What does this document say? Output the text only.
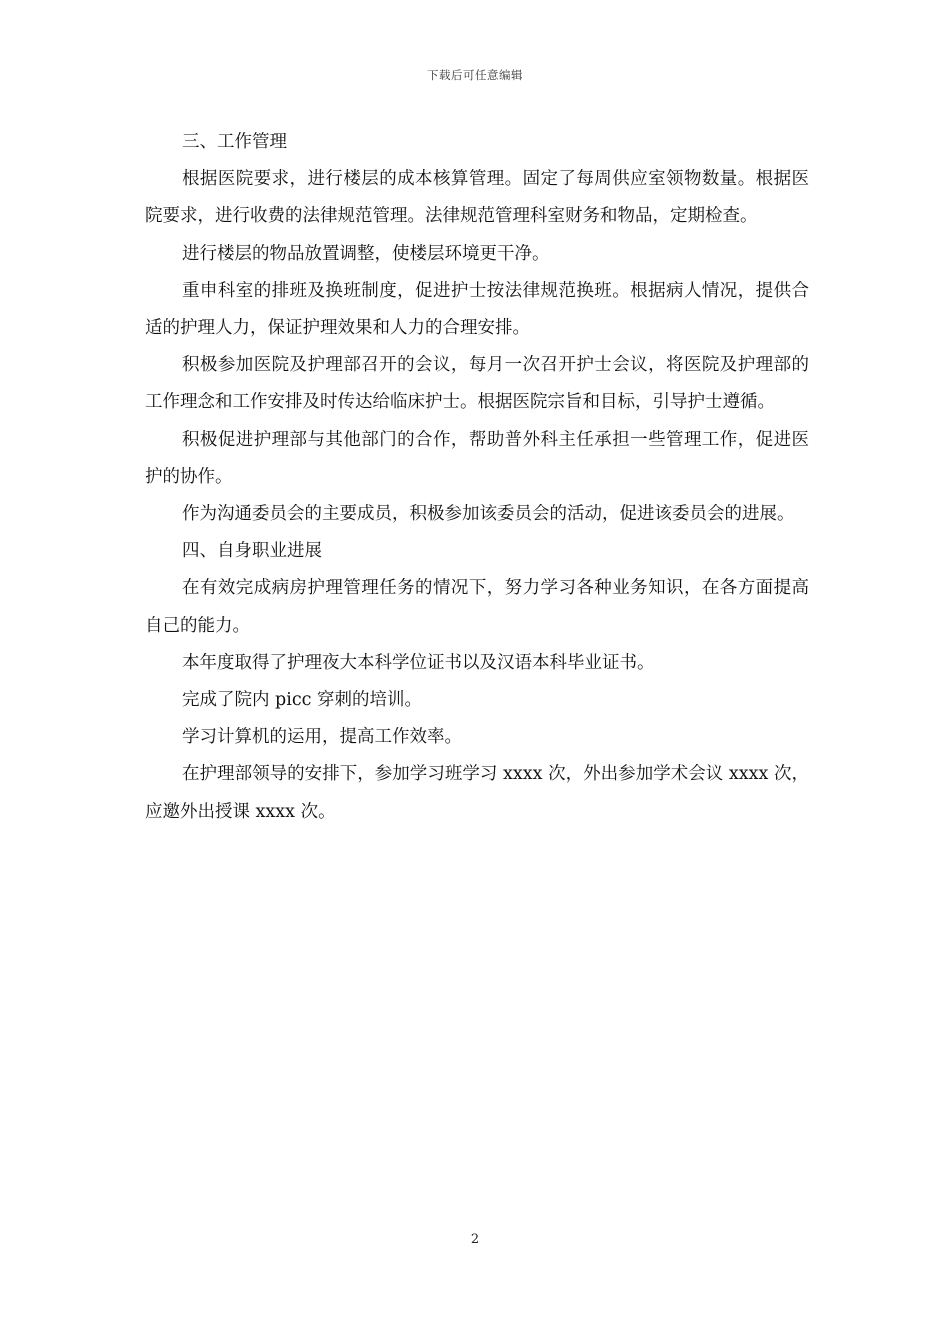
下载后可任意编辑

三、工作管理

根据医院要求，进行楼层的成本核算管理。固定了每周供应室领物数量。根据医院要求，进行收费的法律规范管理。法律规范管理科室财务和物品，定期检查。

进行楼层的物品放置调整，使楼层环境更干净。

重申科室的排班及换班制度，促进护士按法律规范换班。根据病人情况，提供合适的护理人力，保证护理效果和人力的合理安排。

积极参加医院及护理部召开的会议，每月一次召开护士会议，将医院及护理部的工作理念和工作安排及时传达给临床护士。根据医院宗旨和目标，引导护士遵循。

积极促进护理部与其他部门的合作，帮助普外科主任承担一些管理工作，促进医护的协作。

作为沟通委员会的主要成员，积极参加该委员会的活动，促进该委员会的进展。

四、自身职业进展

在有效完成病房护理管理任务的情况下，努力学习各种业务知识，在各方面提高自己的能力。

本年度取得了护理夜大本科学位证书以及汉语本科毕业证书。

完成了院内 picc 穿刺的培训。

学习计算机的运用，提高工作效率。

在护理部领导的安排下，参加学习班学习 xxxx 次，外出参加学术会议 xxxx 次，应邀外出授课 xxxx 次。

2
